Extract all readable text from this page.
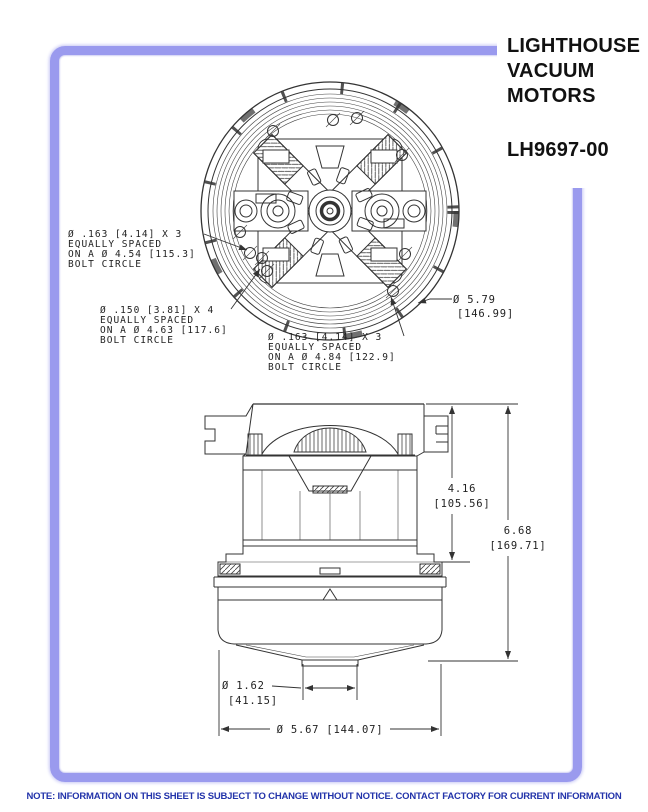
Ø .163 [4.14] X 3
EQUALLY SPACED
ON A Ø 4.54 [115.3]
BOLT CIRCLE
Ø .150 [3.81] X 4
EQUALLY SPACED
ON A Ø 4.63 [117.6]
BOLT CIRCLE	Ø .163 [4.14] X 3
EQUALLY SPACED
ON A Ø 4.84 [122.9]
BOLT CIRCLE
Ø 5.79
[146.99]
4.16
[105.56]
6.68
[169.71]
Ø 1.62
[41.15]
Ø 5.67 [144.07]
LIGHTHOUSE
VACUUM
MOTORS
LH9697-00
NOTE: INFORMATION ON THIS SHEET IS SUBJECT TO CHANGE WITHOUT NOTICE. CONTACT FACTORY FOR CURRENT INFORMATION
